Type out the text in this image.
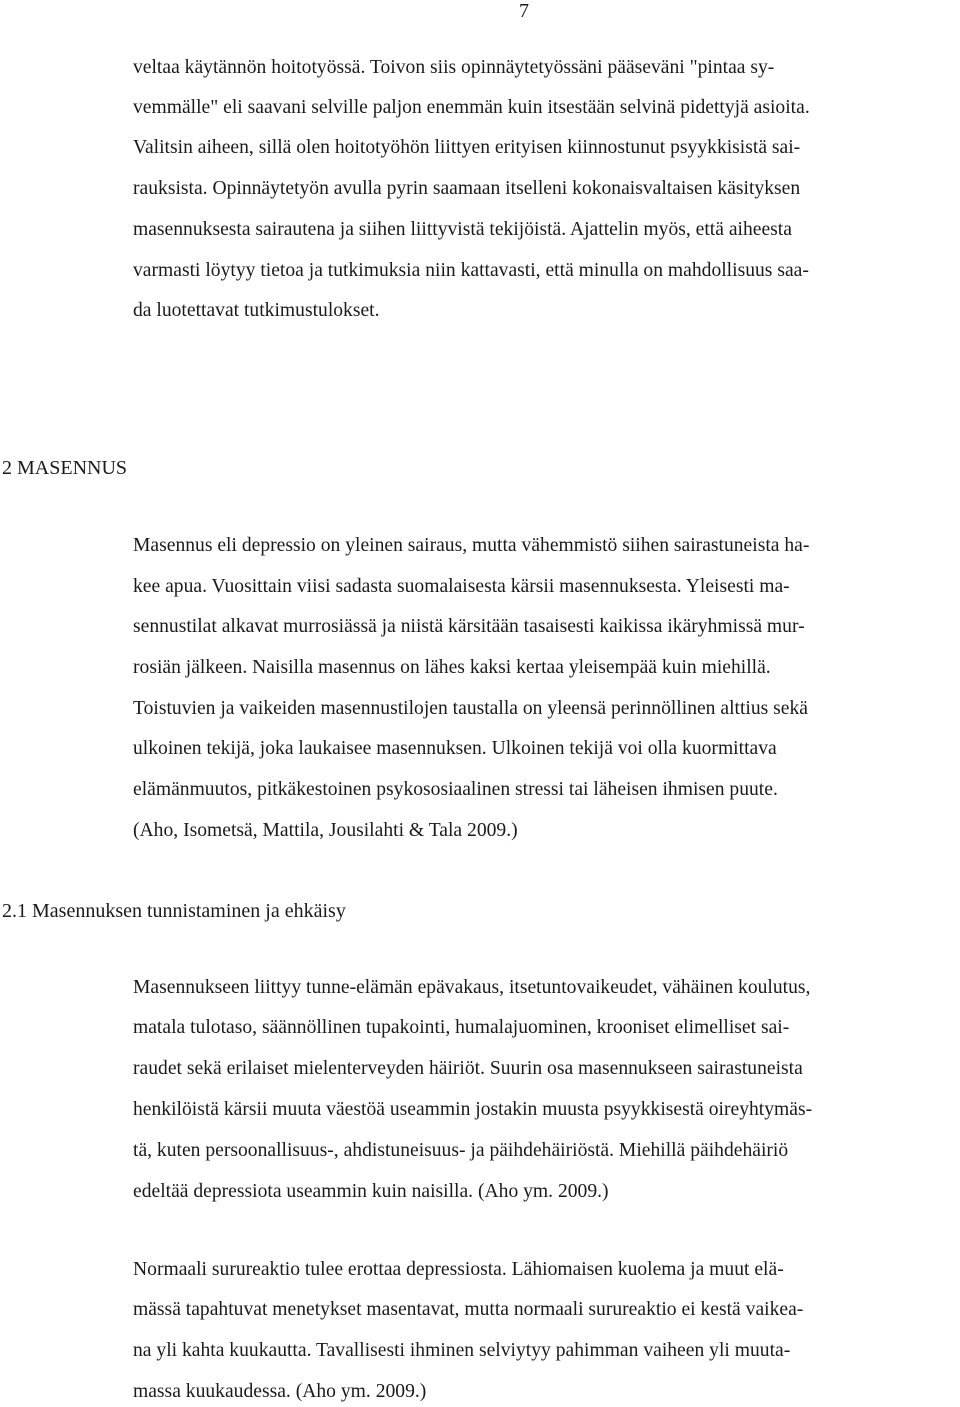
7
veltaa käytännön hoitotyössä. Toivon siis opinnäytetyössäni pääseväni "pintaa sy-
vemmälle" eli saavani selville paljon enemmän kuin itsestään selvinä pidettyjä asioita.
Valitsin aiheen, sillä olen hoitotyöhön liittyen erityisen kiinnostunut psyykkisistä sai-
rauksista. Opinnäytetyön avulla pyrin saamaan itselleni kokonaisvaltaisen käsityksen
masennuksesta sairautena ja siihen liittyvistä tekijöistä. Ajattelin myös, että aiheesta
varmasti löytyy tietoa ja tutkimuksia niin kattavasti, että minulla on mahdollisuus saa-
da luotettavat tutkimustulokset.
2 MASENNUS
Masennus eli depressio on yleinen sairaus, mutta vähemmistö siihen sairastuneista ha-
kee apua. Vuosittain viisi sadasta suomalaisesta kärsii masennuksesta. Yleisesti ma-
sennustilat alkavat murrosiässä ja niistä kärsitään tasaisesti kaikissa ikäryhmissä mur-
rosiän jälkeen. Naisilla masennus on lähes kaksi kertaa yleisempää kuin miehillä.
Toistuvien ja vaikeiden masennustilojen taustalla on yleensä perinnöllinen alttius sekä
ulkoinen tekijä, joka laukaisee masennuksen. Ulkoinen tekijä voi olla kuormittava
elämänmuutos, pitkäkestoinen psykososiaalinen stressi tai läheisen ihmisen puute.
(Aho, Isometsä, Mattila, Jousilahti & Tala 2009.)
2.1 Masennuksen tunnistaminen ja ehkäisy
Masennukseen liittyy tunne-elämän epävakaus, itsetuntovaikeudet, vähäinen koulutus,
matala tulotaso, säännöllinen tupakointi, humalajuominen, krooniset elimelliset sai-
raudet sekä erilaiset mielenterveyden häiriöt. Suurin osa masennukseen sairastuneista
henkilöistä kärsii muuta väestöä useammin jostakin muusta psyykkisestä oireyhtymäs-
tä, kuten persoonallisuus-, ahdistuneisuus- ja päihdehäiriöstä. Miehillä päihdehäiriö
edeltää depressiota useammin kuin naisilla. (Aho ym. 2009.)
Normaali surureaktio tulee erottaa depressiosta. Lähiomaisen kuolema ja muut elä-
mässä tapahtuvat menetykset masentavat, mutta normaali surureaktio ei kestä vaikea-
na yli kahta kuukautta. Tavallisesti ihminen selviytyy pahimman vaiheen yli muuta-
massa kuukaudessa. (Aho ym. 2009.)
